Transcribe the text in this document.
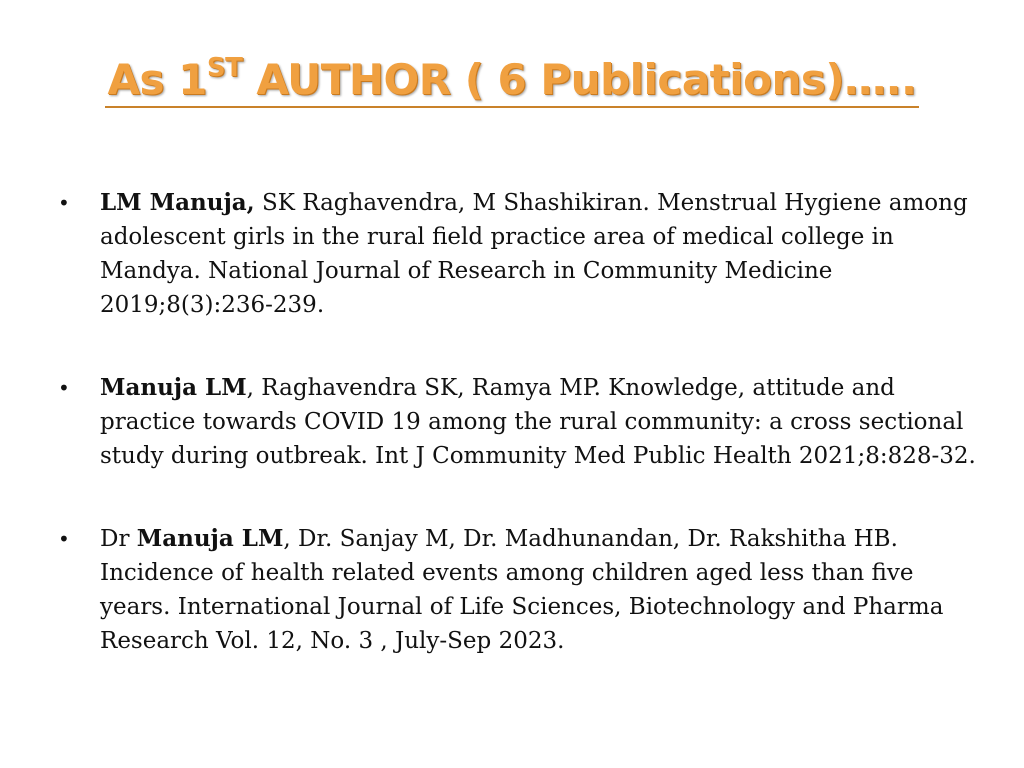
As 1ST AUTHOR ( 6 Publications)…..
•	LM Manuja, SK Raghavendra, M Shashikiran. Menstrual Hygiene among adolescent girls in the rural field practice area of medical college in Mandya. National Journal of Research in Community Medicine 2019;8(3):236-239.
•	Manuja LM, Raghavendra SK, Ramya MP. Knowledge, attitude and practice towards COVID 19 among the rural community: a cross sectional study during outbreak. Int J Community Med Public Health 2021;8:828-32.
•	Dr Manuja LM, Dr. Sanjay M, Dr. Madhunandan, Dr. Rakshitha HB. Incidence of health related events among children aged less than five years. International Journal of Life Sciences, Biotechnology and Pharma Research Vol. 12, No. 3 , July-Sep 2023.
